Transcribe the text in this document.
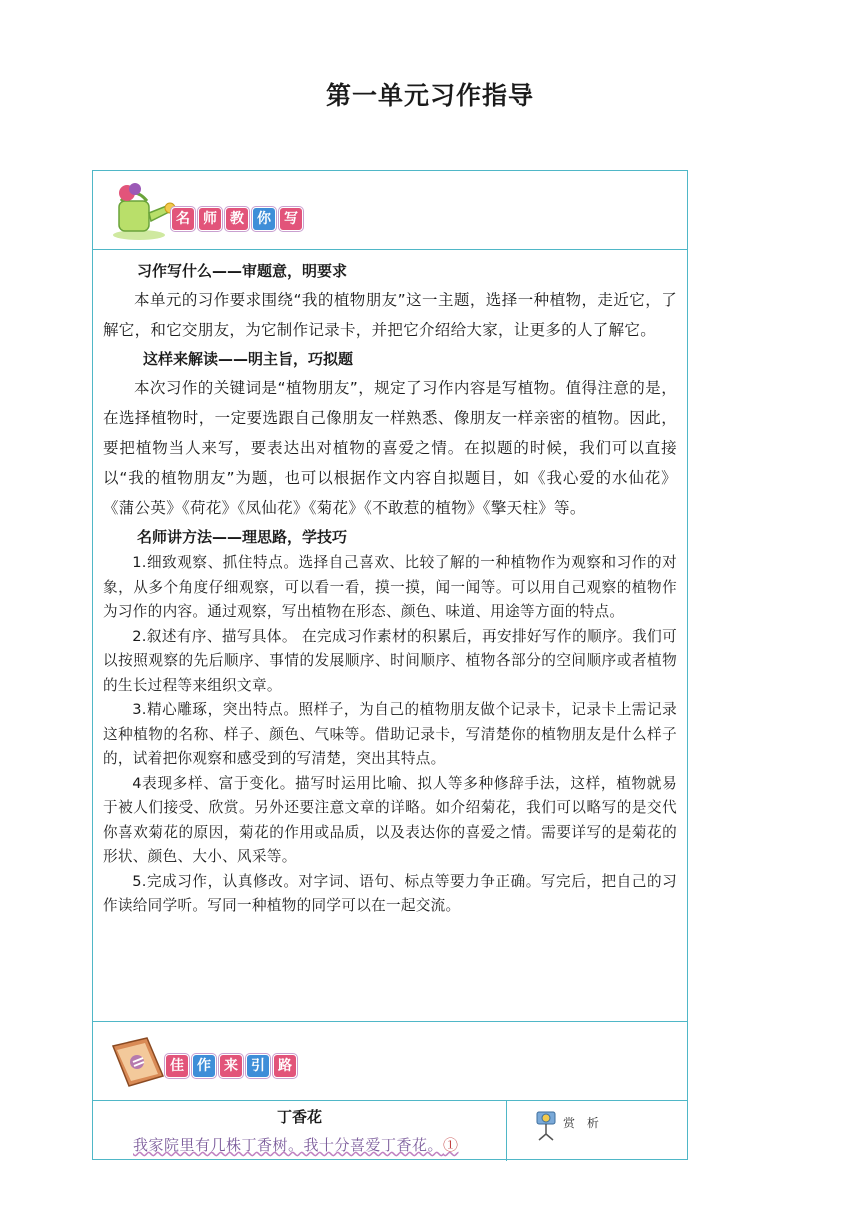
第一单元习作指导
名 师 教 你 写

习作写什么——审题意，明要求

本单元的习作要求围绕“我的植物朋友”这一主题，选择一种植物，走近它，了解它，和它交朋友，为它制作记录卡，并把它介绍给大家，让更多的人了解它。

这样来解读——明主旨，巧拟题

本次习作的关键词是“植物朋友”，规定了习作内容是写植物。值得注意的是，在选择植物时，一定要选跟自己像朋友一样熟悉、像朋友一样亲密的植物。因此，要把植物当人来写，要表达出对植物的喜爱之情。在拟题的时候，我们可以直接以“我的植物朋友”为题，也可以根据作文内容自拟题目，如《我心爱的水仙花》《蒲公英》《荷花》《凤仙花》《菊花》《不敢惹的植物》《擎天柱》等。

名师讲方法——理思路，学技巧

1.细致观察、抓住特点。选择自己喜欢、比较了解的一种植物作为观察和习作的对象，从多个角度仔细观察，可以看一看，摸一摸，闻一闻等。可以用自己观察的植物作为习作的内容。通过观察，写出植物在形态、颜色、味道、用途等方面的特点。

2.叙述有序、描写具体。 在完成习作素材的积累后，再安排好写作的顺序。我们可以按照观察的先后顺序、事情的发展顺序、时间顺序、植物各部分的空间顺序或者植物的生长过程等来组织文章。

3.精心雕琢，突出特点。照样子，为自己的植物朋友做个记录卡，记录卡上需记录这种植物的名称、样子、颜色、气味等。借助记录卡，写清楚你的植物朋友是什么样子的，试着把你观察和感受到的写清楚，突出其特点。

4表现多样、富于变化。描写时运用比喻、拟人等多种修辞手法，这样，植物就易于被人们接受、欣赏。另外还要注意文章的详略。如介绍菊花，我们可以略写的是交代你喜欢菊花的原因，菊花的作用或品质，以及表达你的喜爱之情。需要详写的是菊花的形状、颜色、大小、风采等。

5.完成习作，认真修改。对字词、语句、标点等要力争正确。写完后，把自己的习作读给同学听。写同一种植物的同学可以在一起交流。

佳 作 来 引 路
丁香花
我家院里有几株丁香树。我十分喜爱丁香花。①
赏 析
